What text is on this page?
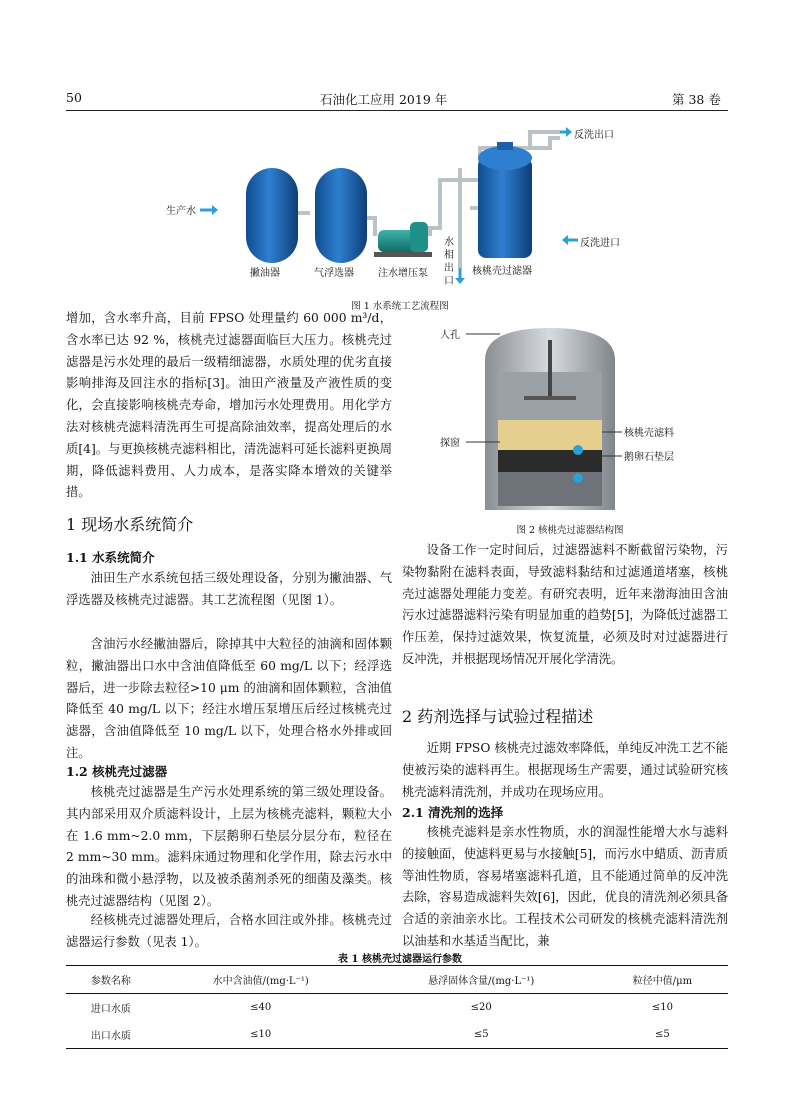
50	石油化工应用 2019 年	第 38 卷
生产水
撇油器	气浮选器 注水增压泵
水相出口
核桃壳过滤器
反洗出口
反洗进口
图 1 水系统工艺流程图
增加，含水率升高，目前 FPSO 处理量约 60 000 m³/d，含水率已达 92 %，核桃壳过滤器面临巨大压力。核桃壳过滤器是污水处理的最后一级精细滤器，水质处理的优劣直接影响排海及回注水的指标[3]。油田产液量及产液性质的变化，会直接影响核桃壳寿命，增加污水处理费用。用化学方法对核桃壳滤料清洗再生可提高除油效率，提高处理后的水质[4]。与更换核桃壳滤料相比，清洗滤料可延长滤料更换周期，降低滤料费用、人力成本，是落实降本增效的关键举措。
1 现场水系统简介
1.1 水系统简介

油田生产水系统包括三级处理设备，分别为撇油器、气浮选器及核桃壳过滤器。其工艺流程图（见图 1）。

含油污水经撇油器后，除掉其中大粒径的油滴和固体颗粒，撇油器出口水中含油值降低至 60 mg/L 以下；经浮选器后，进一步除去粒径>10 μm 的油滴和固体颗粒，含油值降低至 40 mg/L 以下；经注水增压泵增压后经过核桃壳过滤器，含油值降低至 10 mg/L 以下，处理合格水外排或回注。

1.2 核桃壳过滤器

核桃壳过滤器是生产污水处理系统的第三级处理设备。其内部采用双介质滤料设计，上层为核桃壳滤料，颗粒大小在 1.6 mm~2.0 mm，下层鹅卵石垫层分层分布，粒径在 2 mm~30 mm。滤料床通过物理和化学作用，除去污水中的油珠和微小悬浮物，以及被杀菌剂杀死的细菌及藻类。核桃壳过滤器结构（见图 2）。

经核桃壳过滤器处理后，合格水回注或外排。核桃壳过滤器运行参数（见表 1）。

人孔
探窗
核桃壳滤料
鹅卵石垫层
图 2 核桃壳过滤器结构图

设备工作一定时间后，过滤器滤料不断截留污染物，污染物黏附在滤料表面，导致滤料黏结和过滤通道堵塞，核桃壳过滤器处理能力变差。有研究表明，近年来渤海油田含油污水过滤器滤料污染有明显加重的趋势[5]，为降低过滤器工作压差，保持过滤效果，恢复流量，必须及时对过滤器进行反冲洗，并根据现场情况开展化学清洗。

2 药剂选择与试验过程描述

近期 FPSO 核桃壳过滤效率降低，单纯反冲洗工艺不能使被污染的滤料再生。根据现场生产需要，通过试验研究核桃壳滤料清洗剂，并成功在现场应用。

2.1 清洗剂的选择

核桃壳滤料是亲水性物质，水的润湿性能增大水与滤料的接触面，使滤料更易与水接触[5]，而污水中蜡质、沥青质等油性物质，容易堵塞滤料孔道，且不能通过简单的反冲洗去除，容易造成滤料失效[6]，因此，优良的清洗剂必须具备合适的亲油亲水比。工程技术公司研发的核桃壳滤料清洗剂以油基和水基适当配比，兼

表 1 核桃壳过滤器运行参数
参数名称	水中含油值/(mg·L⁻¹)	悬浮固体含量/(mg·L⁻¹)	粒径中值/μm
进口水质	≤40	≤20	≤10
出口水质	≤10	≤5	≤5
